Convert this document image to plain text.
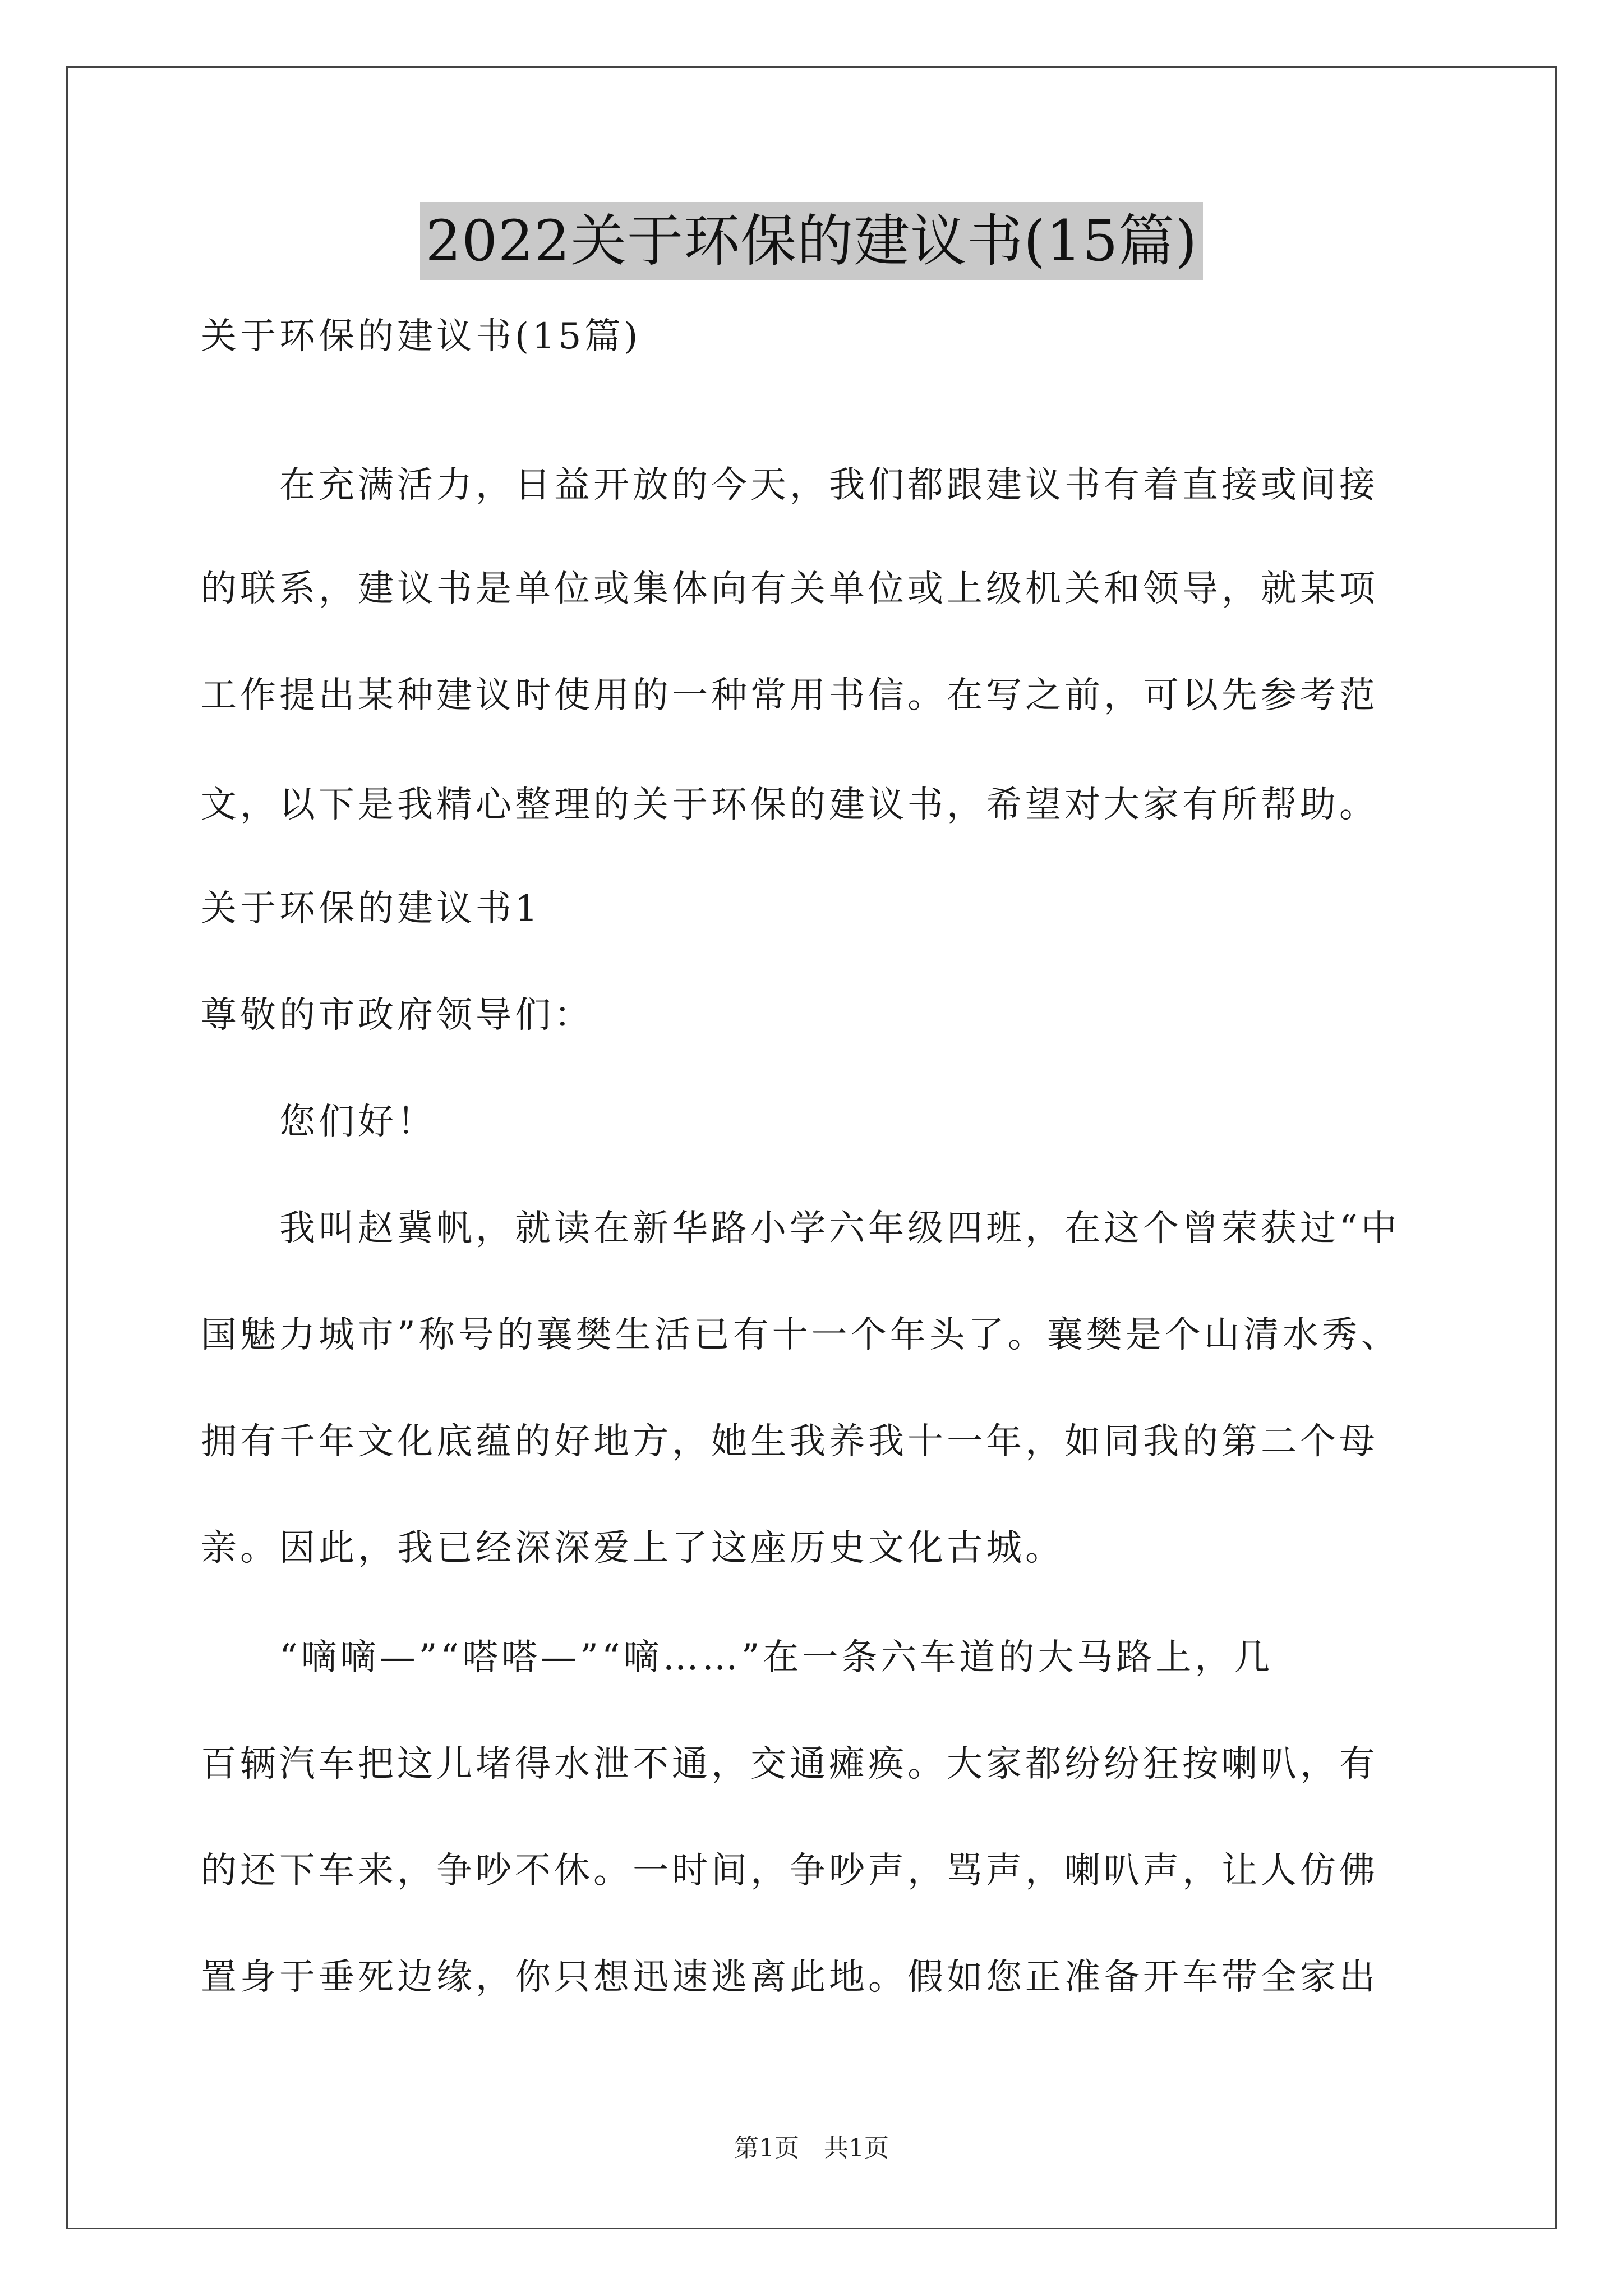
2022关于环保的建议书(15篇)
关于环保的建议书(15篇)
　　在充满活力，日益开放的今天，我们都跟建议书有着直接或间接
的联系，建议书是单位或集体向有关单位或上级机关和领导，就某项
工作提出某种建议时使用的一种常用书信。在写之前，可以先参考范
文，以下是我精心整理的关于环保的建议书，希望对大家有所帮助。
关于环保的建议书1
尊敬的市政府领导们：
　　您们好！
　　我叫赵冀帆，就读在新华路小学六年级四班，在这个曾荣获过“中
国魅力城市”称号的襄樊生活已有十一个年头了。襄樊是个山清水秀、
拥有千年文化底蕴的好地方，她生我养我十一年，如同我的第二个母
亲。因此，我已经深深爱上了这座历史文化古城。
　　“嘀嘀—”“嗒嗒—”“嘀……”在一条六车道的大马路上，几
百辆汽车把这儿堵得水泄不通，交通瘫痪。大家都纷纷狂按喇叭，有
的还下车来，争吵不休。一时间，争吵声，骂声，喇叭声，让人仿佛
置身于垂死边缘，你只想迅速逃离此地。假如您正准备开车带全家出
第1页　共1页
